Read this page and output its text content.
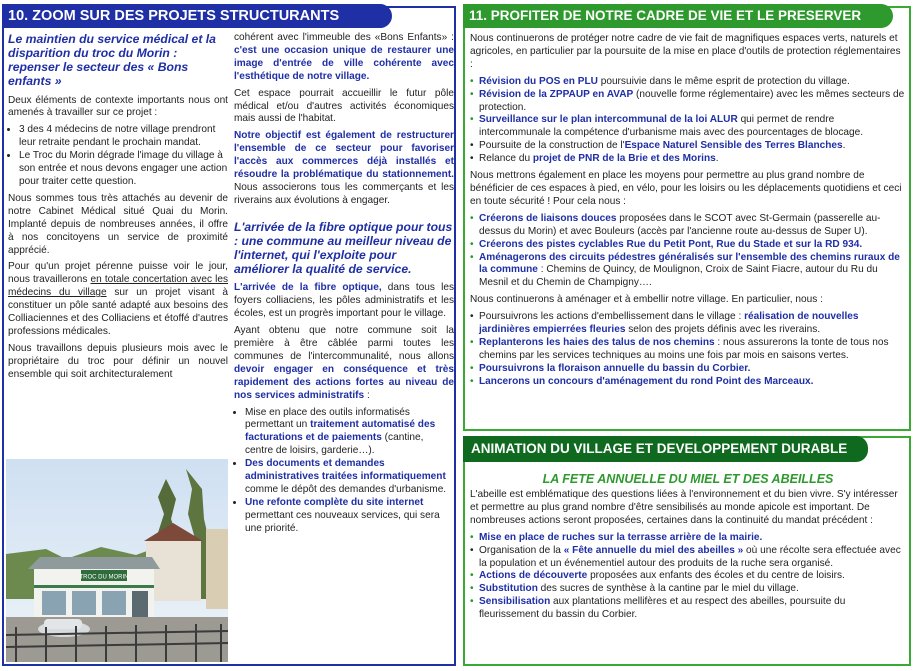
10. ZOOM SUR DES PROJETS STRUCTURANTS
Le maintien du service médical et la disparition du troc du Morin : repenser le secteur des « Bons enfants »

Deux éléments de contexte importants nous ont amenés à travailler sur ce projet :

• 3 des 4 médecins de notre village prendront leur retraite pendant le prochain mandat.
• Le Troc du Morin dégrade l'image du village à son entrée et nous devons engager une action pour traiter cette question.

Nous sommes tous très attachés au devenir de notre Cabinet Médical situé Quai du Morin. Implanté depuis de nombreuses années, il offre à nos concitoyens un service de proximité apprécié.

Pour qu'un projet pérenne puisse voir le jour, nous travaillerons en totale concertation avec les médecins du village sur un projet visant à constituer un pôle santé adapté aux besoins des Colliaciennes et des Colliaciens et étoffé d'autres professions médicales.

Nous travaillons depuis plusieurs mois avec le propriétaire du troc pour définir un nouvel ensemble qui soit architecturalement

TROC DU MORIN

cohérent avec l'immeuble des «Bons Enfants» : c'est une occasion unique de restaurer une image d'entrée de ville cohérente avec l'esthétique de notre village.

Cet espace pourrait accueillir le futur pôle médical et/ou d'autres activités économiques mais aussi de l'habitat.

Notre objectif est également de restructurer l'ensemble de ce secteur pour favoriser l'accès aux commerces déjà installés et résoudre la problématique du stationnement. Nous associerons tous les commerçants et les riverains aux évolutions à engager.

L'arrivée de la fibre optique pour tous : une commune au meilleur niveau de l'internet, qui l'exploite pour améliorer la qualité de service.

L'arrivée de la fibre optique, dans tous les foyers colliaciens, les pôles administratifs et les écoles, est un progrès important pour le village.

Ayant obtenu que notre commune soit la première à être câblée parmi toutes les communes de l'intercommunalité, nous allons devoir engager en conséquence et très rapidement des actions fortes au niveau de nos services administratifs :

• Mise en place des outils informatisés permettant un traitement automatisé des facturations et de paiements (cantine, centre de loisirs, garderie…).
• Des documents et demandes administratives traitées informatiquement comme le dépôt des demandes d'urbanisme.
• Une refonte complète du site internet permettant ces nouveaux services, qui sera une priorité.
11. PROFITER DE NOTRE CADRE DE VIE ET LE PRESERVER

Nous continuerons de protéger notre cadre de vie fait de magnifiques espaces verts, naturels et agricoles, en particulier par la poursuite de la mise en place d'outils de protection réglementaires :

• Révision du POS en PLU poursuivie dans le même esprit de protection du village.
• Révision de la ZPPAUP en AVAP (nouvelle forme réglementaire) avec les mêmes secteurs de protection.
• Surveillance sur le plan intercommunal de la loi ALUR qui permet de rendre intercommunale la compétence d'urbanisme mais avec des pourcentages de blocage.
• Poursuite de la construction de l'Espace Naturel Sensible des Terres Blanches.
• Relance du projet de PNR de la Brie et des Morins.

Nous mettrons également en place les moyens pour permettre au plus grand nombre de bénéficier de ces espaces à pied, en vélo, pour les loisirs ou les déplacements quotidiens et ceci en toute sécurité ! Pour cela nous :

• Créerons de liaisons douces proposées dans le SCOT avec St-Germain (passerelle au-dessus du Morin) et avec Bouleurs (accès par l'ancienne route au-dessus de Super U).
• Créerons des pistes cyclables Rue du Petit Pont, Rue du Stade et sur la RD 934.
• Aménagerons des circuits pédestres généralisés sur l'ensemble des chemins ruraux de la commune : Chemins de Quincy, de Moulignon, Croix de Saint Fiacre, autour du Ru du Mesnil et du Chemin de Champigny….

Nous continuerons à aménager et à embellir notre village. En particulier, nous :

• Poursuivrons les actions d'embellissement dans le village : réalisation de nouvelles jardinières empierrées fleuries selon des projets définis avec les riverains.
• Replanterons les haies des talus de nos chemins : nous assurerons la tonte de tous nos chemins par les services techniques au moins une fois par mois en saisons vertes.
• Poursuivrons la floraison annuelle du bassin du Corbier.
• Lancerons un concours d'aménagement du rond Point des Marceaux.
ANIMATION DU VILLAGE ET DEVELOPPEMENT DURABLE
LA FETE ANNUELLE DU MIEL ET DES ABEILLES

L'abeille est emblématique des questions liées à l'environnement et du bien vivre. S'y intéresser et permettre au plus grand nombre d'être sensibilisés au monde apicole est important. De nombreuses actions seront proposées, certaines dans la continuité du mandat précédent :

• Mise en place de ruches sur la terrasse arrière de la mairie.
• Organisation de la « Fête annuelle du miel des abeilles » où une récolte sera effectuée avec la population et un événementiel autour des produits de la ruche sera organisé.
• Actions de découverte proposées aux enfants des écoles et du centre de loisirs.
• Substitution des sucres de synthèse à la cantine par le miel du village.
• Sensibilisation aux plantations mellifères et au respect des abeilles, poursuite du fleurissement du bassin du Corbier.
